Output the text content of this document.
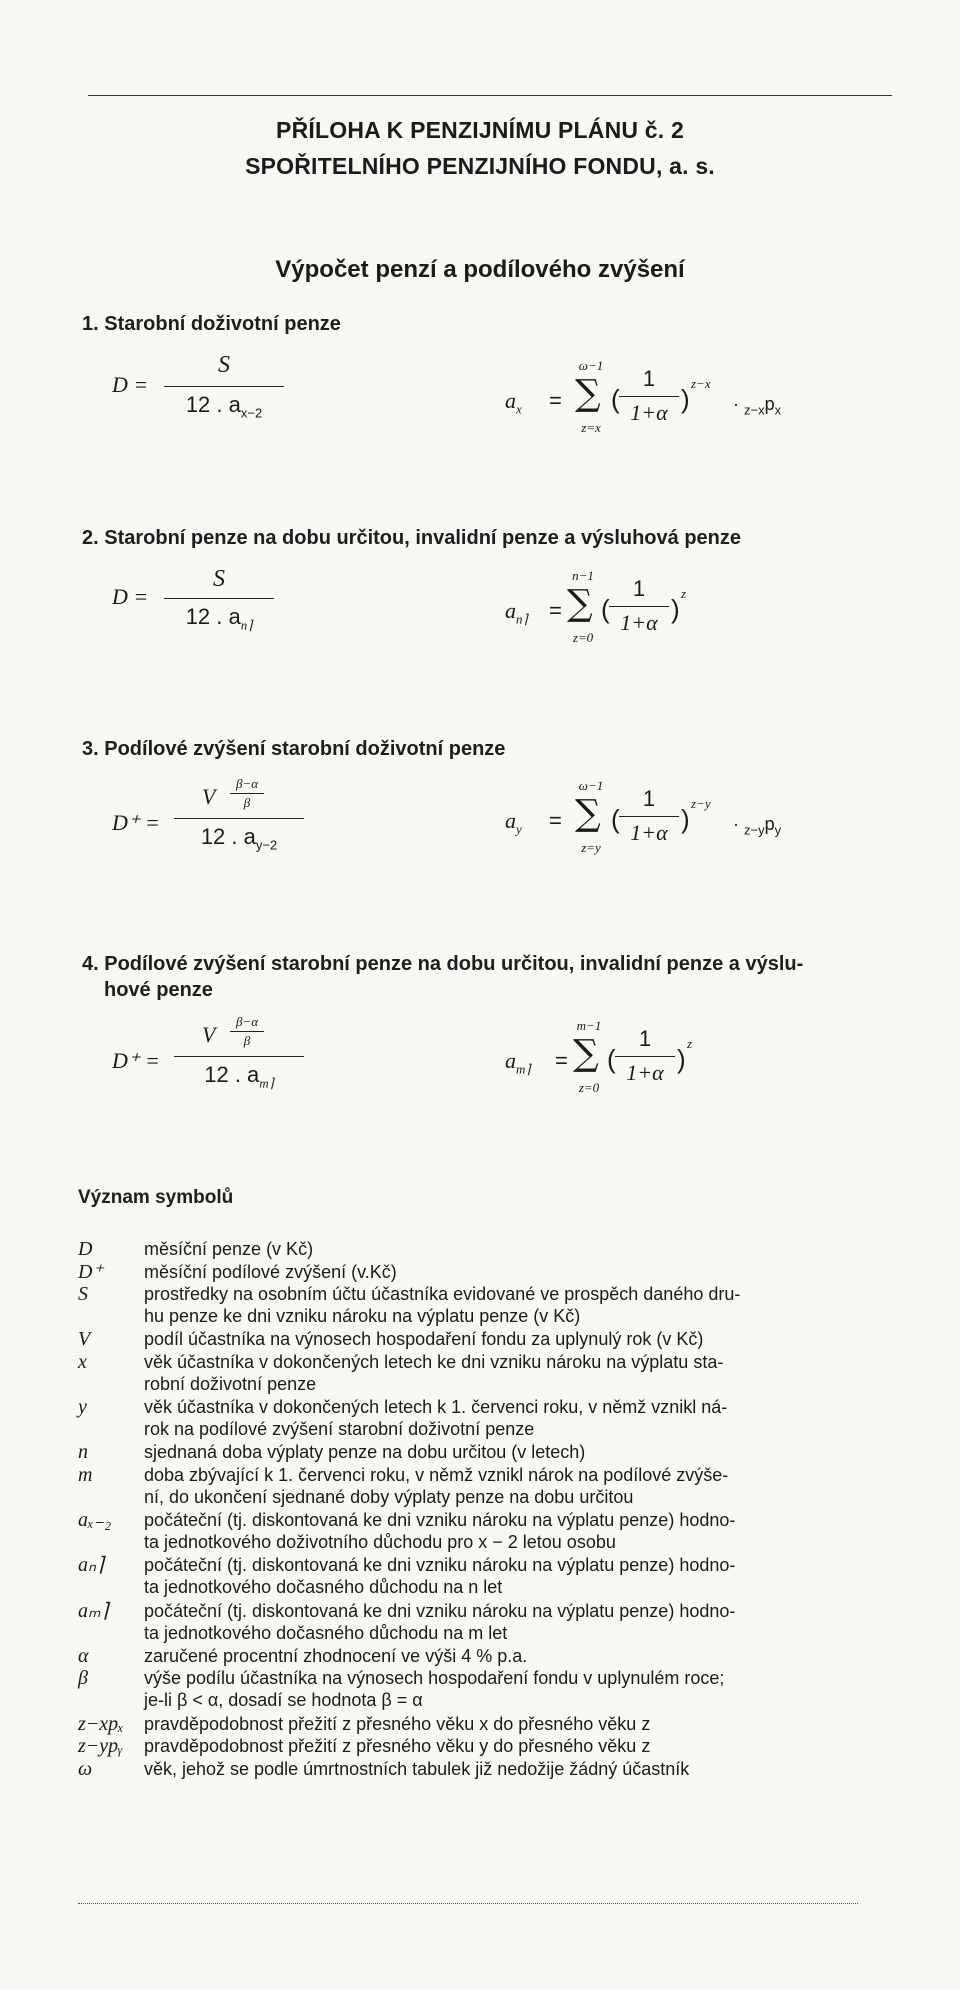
PŘÍLOHA K PENZIJNÍMU PLÁNU č. 2
SPOŘITELNÍHO PENZIJNÍHO FONDU, a. s.
Výpočet penzí a podílového zvýšení
1. Starobní doživotní penze
D =
S
12 . $a_{x-2}$	$a_x$ =
ω−1
∑
z=x
(
1
1+α )
z−x
· $_{z-x}p_x$
2. Starobní penze na dobu určitou, invalidní penze a výsluhová penze
D =
S
12 . $a_{n⌉}$
$a_{n⌉}$ =
n−1
∑
z=0
(
1
1+α )
z
3. Podílové zvýšení starobní doživotní penze
D⁺ =
V
β−α
β
12 . $a_{y-2}$
$a_y$ =
ω−1
∑
z=y
(
1
1+α )
z−y
· $_{z-y}p_y$
4. Podílové zvýšení starobní penze na dobu určitou, invalidní penze a výslu-
hové penze
D⁺ =
V
β−α
β
12 . $a_{m⌉}$
$a_{m⌉}$ =
m−1
∑
z=0
(
1
1+α )
z
Význam symbolů
D	měsíční penze (v Kč)
D⁺	měsíční podílové zvýšení (v.Kč)
S	prostředky na osobním účtu účastníka evidované ve prospěch daného dru-
hu penze ke dni vzniku nároku na výplatu penze (v Kč)
V	podíl účastníka na výnosech hospodaření fondu za uplynulý rok (v Kč)
x	věk účastníka v dokončených letech ke dni vzniku nároku na výplatu sta-
robní doživotní penze
y	věk účastníka v dokončených letech k 1. červenci roku, v němž vznikl ná-
rok na podílové zvýšení starobní doživotní penze
n	sjednaná doba výplaty penze na dobu určitou (v letech)
m	doba zbývající k 1. červenci roku, v němž vznikl nárok na podílové zvýše-
ní, do ukončení sjednané doby výplaty penze na dobu určitou
aₓ₋₂	počáteční (tj. diskontovaná ke dni vzniku nároku na výplatu penze) hodno-
ta jednotkového doživotního důchodu pro x − 2 letou osobu
aₙ⌉	počáteční (tj. diskontovaná ke dni vzniku nároku na výplatu penze) hodno-
ta jednotkového dočasného důchodu na n let
aₘ⌉	počáteční (tj. diskontovaná ke dni vzniku nároku na výplatu penze) hodno-
ta jednotkového dočasného důchodu na m let
α	zaručené procentní zhodnocení ve výši 4 % p.a.
β	výše podílu účastníka na výnosech hospodaření fondu v uplynulém roce;
je-li β < α, dosadí se hodnota β = α
z−xpₓ	pravděpodobnost přežití z přesného věku x do přesného věku z
z−ypᵧ	pravděpodobnost přežití z přesného věku y do přesného věku z
ω	věk, jehož se podle úmrtnostních tabulek již nedožije žádný účastník
